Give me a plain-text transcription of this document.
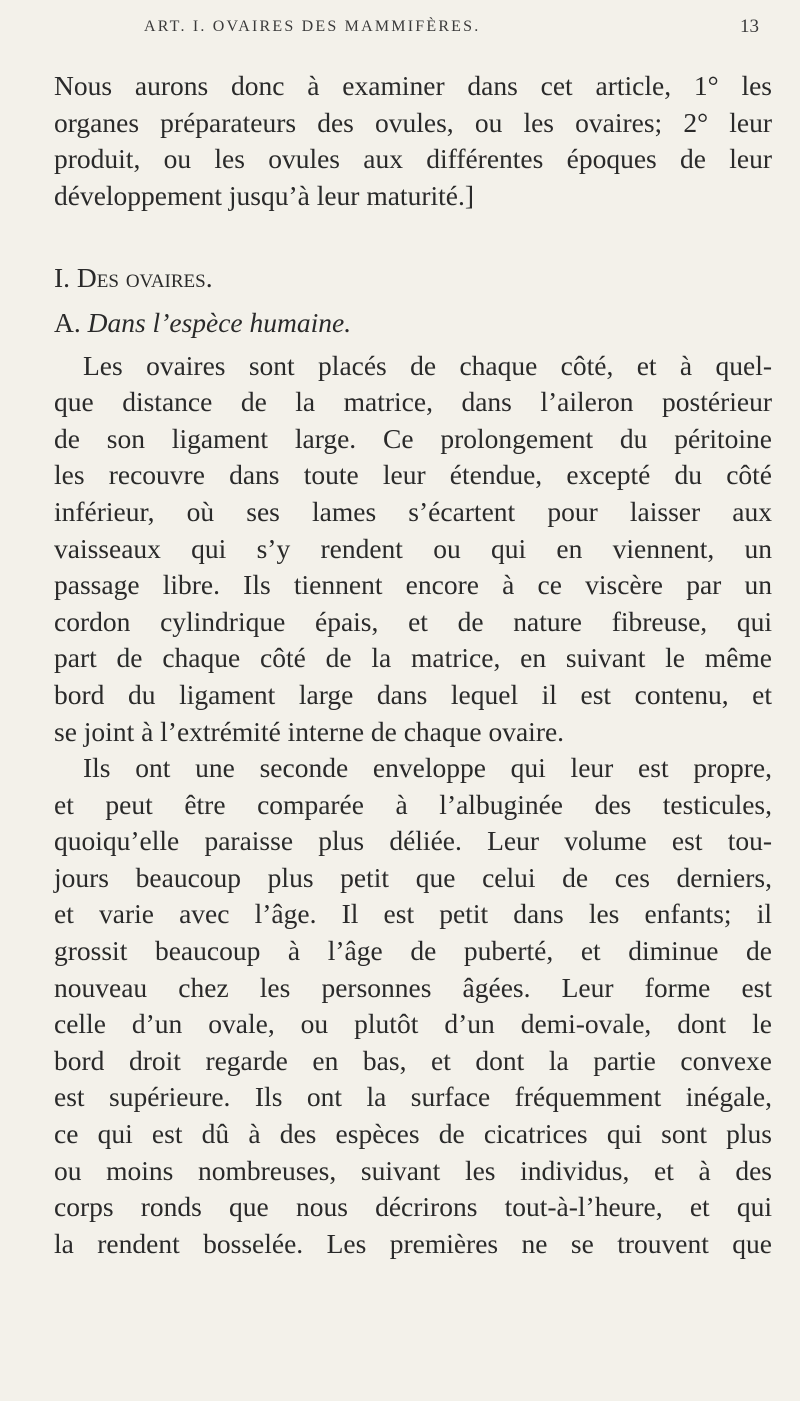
ART. I. OVAIRES DES MAMMIFÈRES.	13
Nous aurons donc à examiner dans cet article, 1° les
organes préparateurs des ovules, ou les ovaires; 2° leur
produit, ou les ovules aux différentes époques de leur
développement jusqu’à leur maturité.]
I. Des ovaires.
A. Dans l’espèce humaine.
Les ovaires sont placés de chaque côté, et à quel-
que distance de la matrice, dans l’aileron postérieur
de son ligament large. Ce prolongement du péritoine
les recouvre dans toute leur étendue, excepté du côté
inférieur, où ses lames s’écartent pour laisser aux
vaisseaux qui s’y rendent ou qui en viennent, un
passage libre. Ils tiennent encore à ce viscère par un
cordon cylindrique épais, et de nature fibreuse, qui
part de chaque côté de la matrice, en suivant le même
bord du ligament large dans lequel il est contenu, et
se joint à l’extrémité interne de chaque ovaire.
Ils ont une seconde enveloppe qui leur est propre,
et peut être comparée à l’albuginée des testicules,
quoiqu’elle paraisse plus déliée. Leur volume est tou-
jours beaucoup plus petit que celui de ces derniers,
et varie avec l’âge. Il est petit dans les enfants; il
grossit beaucoup à l’âge de puberté, et diminue de
nouveau chez les personnes âgées. Leur forme est
celle d’un ovale, ou plutôt d’un demi-ovale, dont le
bord droit regarde en bas, et dont la partie convexe
est supérieure. Ils ont la surface fréquemment inégale,
ce qui est dû à des espèces de cicatrices qui sont plus
ou moins nombreuses, suivant les individus, et à des
corps ronds que nous décrirons tout-à-l’heure, et qui
la rendent bosselée. Les premières ne se trouvent que
